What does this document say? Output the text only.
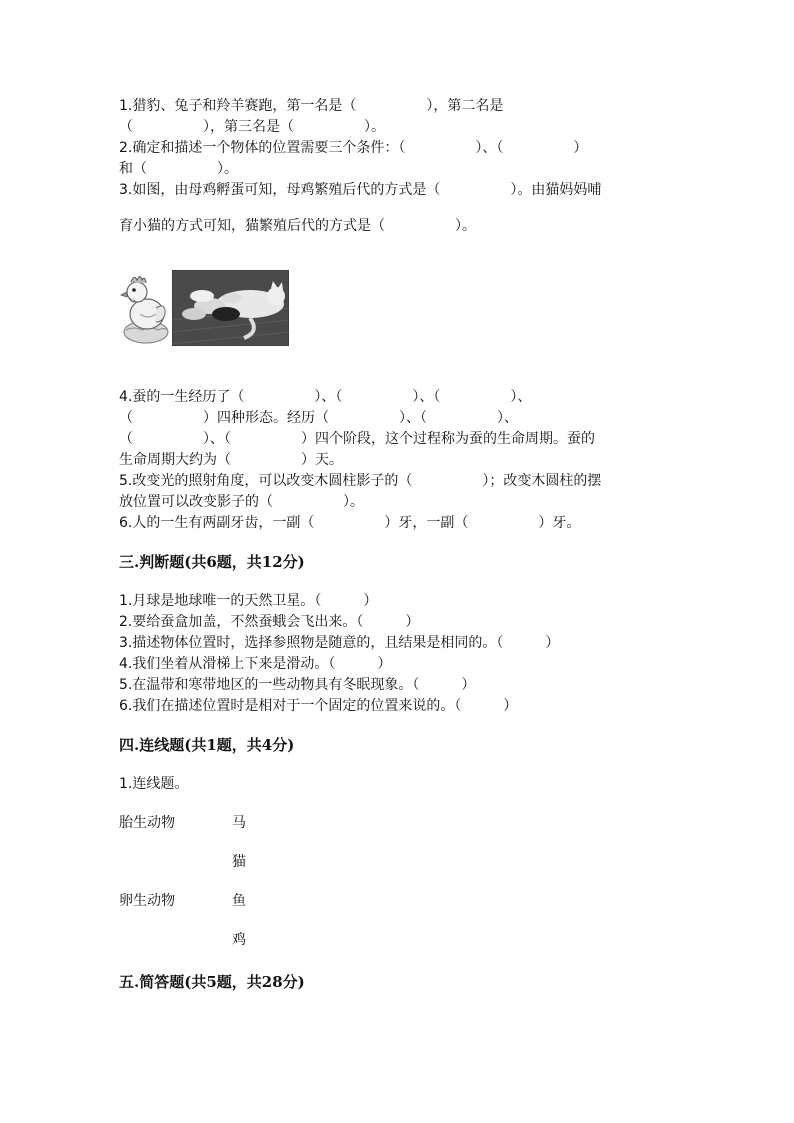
1.猎豹、兔子和羚羊赛跑，第一名是（　　　　　），第二名是
（　　　　　），第三名是（　　　　　）。
2.确定和描述一个物体的位置需要三个条件：（　　　　　）、（　　　　　）
和（　　　　　）。
3.如图，由母鸡孵蛋可知，母鸡繁殖后代的方式是（　　　　　）。由猫妈妈哺
育小猫的方式可知，猫繁殖后代的方式是（　　　　　）。
4.蚕的一生经历了（　　　　　）、（　　　　　）、（　　　　　）、
（　　　　　）四种形态。经历（　　　　　）、（　　　　　）、
（　　　　　）、（　　　　　）四个阶段，这个过程称为蚕的生命周期。蚕的
生命周期大约为（　　　　　）天。
5.改变光的照射角度，可以改变木圆柱影子的（　　　　　）；改变木圆柱的摆
放位置可以改变影子的（　　　　　）。
6.人的一生有两副牙齿，一副（　　　　　）牙，一副（　　　　　）牙。
三.判断题(共6题，共12分)
1.月球是地球唯一的天然卫星。（　　　）
2.要给蚕盒加盖，不然蚕蛾会飞出来。（　　　）
3.描述物体位置时，选择参照物是随意的，且结果是相同的。（　　　）
4.我们坐着从滑梯上下来是滑动。（　　　）
5.在温带和寒带地区的一些动物具有冬眠现象。（　　　）
6.我们在描述位置时是相对于一个固定的位置来说的。（　　　）
四.连线题(共1题，共4分)
1.连线题。
胎生动物	马
猫
卵生动物	鱼
鸡
五.简答题(共5题，共28分)
